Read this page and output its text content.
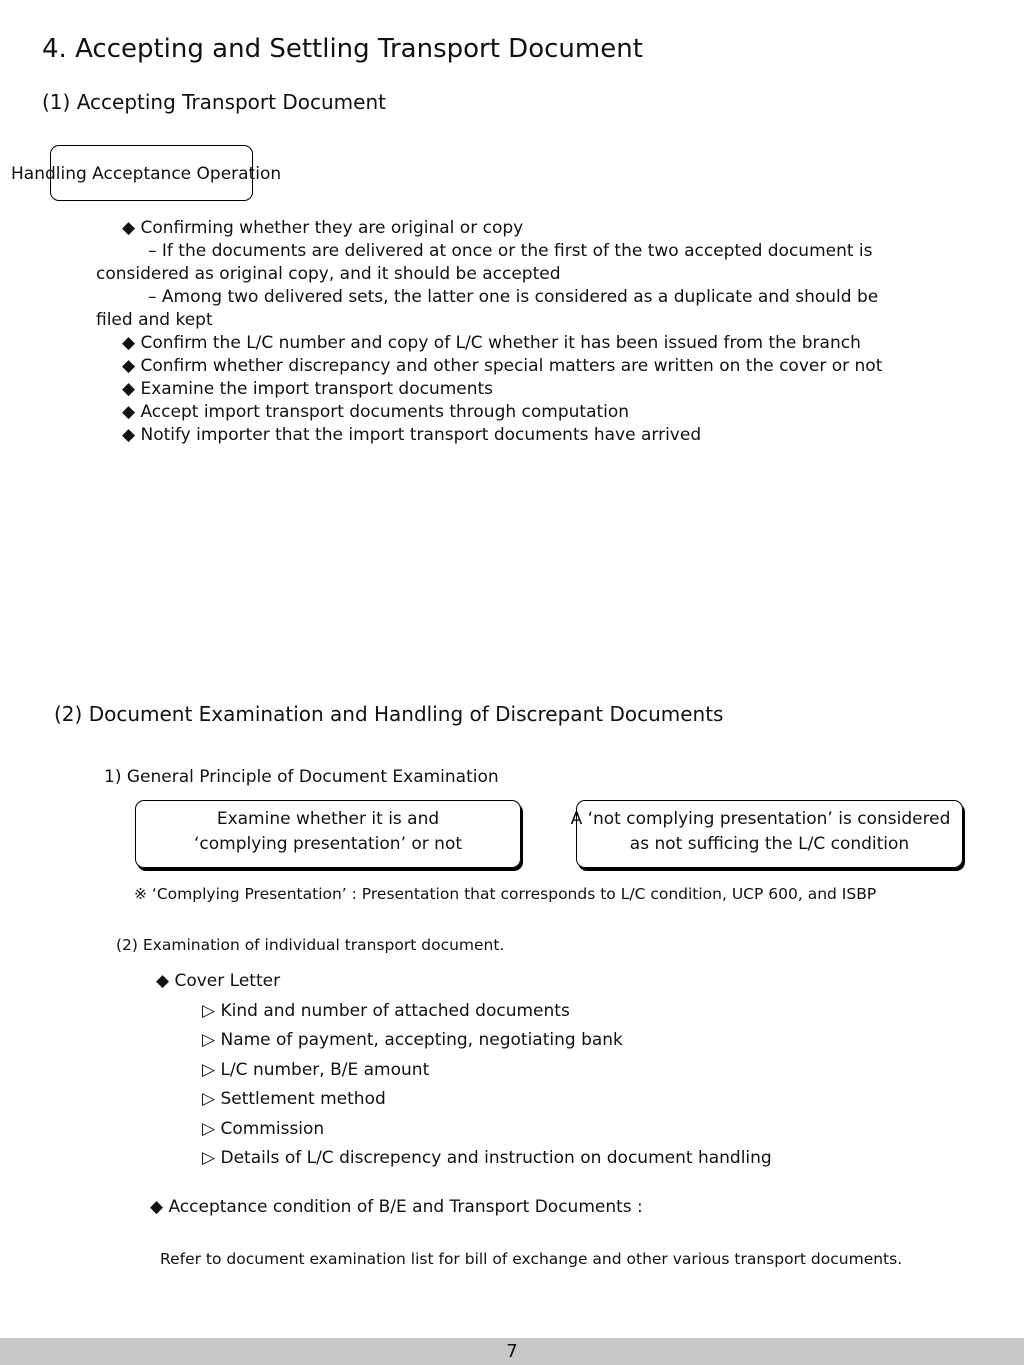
4. Accepting and Settling Transport Document
(1) Accepting Transport Document
Handling Acceptance Operation
◆ Confirming whether they are original or copy
– If the documents are delivered at once or the first of the two accepted document is
considered as original copy, and it should be accepted
– Among two delivered sets, the latter one is considered as a duplicate and should be
filed and kept
◆ Confirm the L/C number and copy of L/C whether it has been issued from the branch
◆ Confirm whether discrepancy and other special matters are written on the cover or not
◆ Examine the import transport documents
◆ Accept import transport documents through computation
◆ Notify importer that the import transport documents have arrived
(2) Document Examination and Handling of Discrepant Documents
1) General Principle of Document Examination
Examine whether it is and
‘complying presentation’ or not
A ‘not complying presentation’ is considered
as not sufficing the L/C condition
※ ‘Complying Presentation’ : Presentation that corresponds to L/C condition, UCP 600, and ISBP
(2) Examination of individual transport document.
◆ Cover Letter
▷ Kind and number of attached documents
▷ Name of payment, accepting, negotiating bank
▷ L/C number, B/E amount
▷ Settlement method
▷ Commission
▷ Details of L/C discrepency and instruction on document handling
◆ Acceptance condition of B/E and Transport Documents :
Refer to document examination list for bill of exchange and other various transport documents.
7
